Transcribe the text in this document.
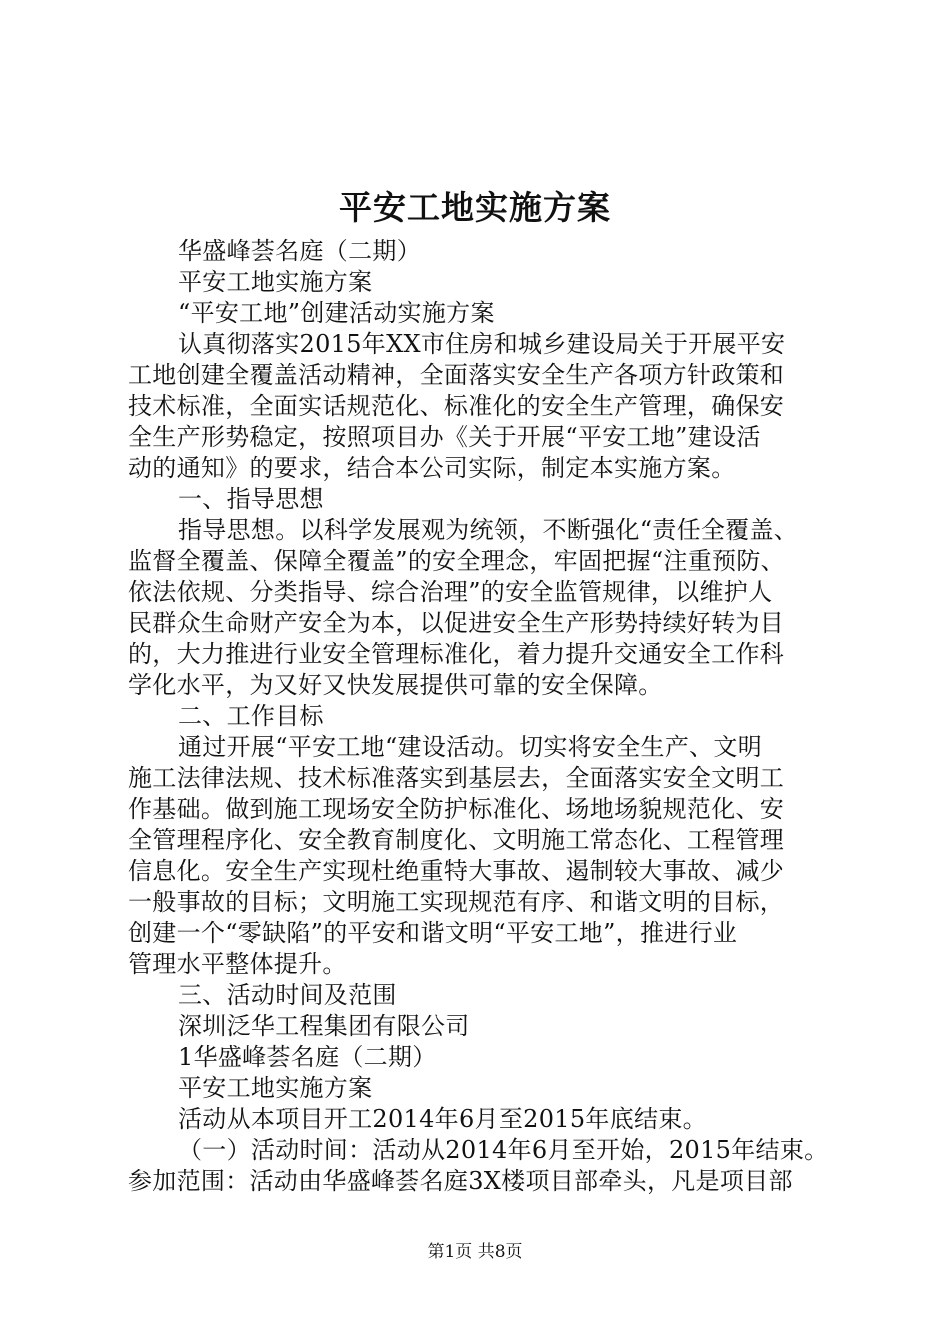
平安工地实施方案
华盛峰荟名庭（二期）
平安工地实施方案
“平安工地”创建活动实施方案
认真彻落实2015年XX市住房和城乡建设局关于开展平安
工地创建全覆盖活动精神，全面落实安全生产各项方针政策和
技术标准，全面实话规范化、标准化的安全生产管理，确保安
全生产形势稳定，按照项目办《关于开展“平安工地”建设活
动的通知》的要求，结合本公司实际，制定本实施方案。
一、指导思想
指导思想。以科学发展观为统领，不断强化“责任全覆盖、
监督全覆盖、保障全覆盖”的安全理念，牢固把握“注重预防、
依法依规、分类指导、综合治理”的安全监管规律，以维护人
民群众生命财产安全为本，以促进安全生产形势持续好转为目
的，大力推进行业安全管理标准化，着力提升交通安全工作科
学化水平，为又好又快发展提供可靠的安全保障。
二、工作目标
通过开展“平安工地“建设活动。切实将安全生产、文明
施工法律法规、技术标准落实到基层去，全面落实安全文明工
作基础。做到施工现场安全防护标准化、场地场貌规范化、安
全管理程序化、安全教育制度化、文明施工常态化、工程管理
信息化。安全生产实现杜绝重特大事故、遏制较大事故、减少
一般事故的目标；文明施工实现规范有序、和谐文明的目标，
创建一个“零缺陷”的平安和谐文明“平安工地”，推进行业
管理水平整体提升。
三、活动时间及范围
深圳泛华工程集团有限公司
1华盛峰荟名庭（二期）
平安工地实施方案
活动从本项目开工2014年6月至2015年底结束。
（一）活动时间：活动从2014年6月至开始，2015年结束。
参加范围：活动由华盛峰荟名庭3X楼项目部牵头，凡是项目部
第1页 共8页
